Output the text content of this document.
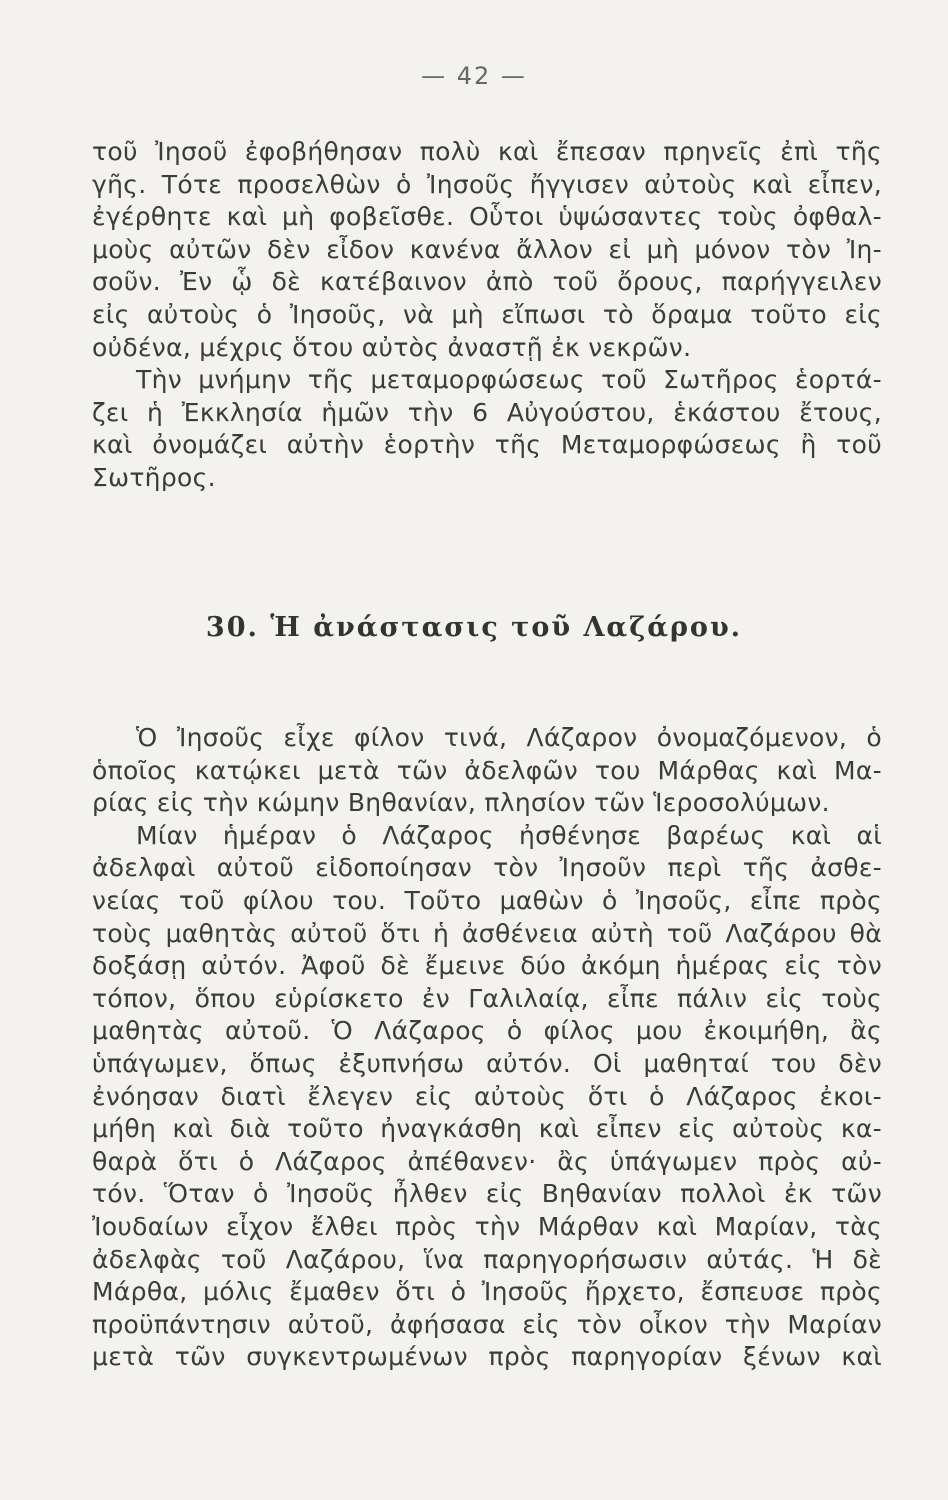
— 42 —
τοῦ Ἰησοῦ ἐφοβήθησαν πολὺ καὶ ἔπεσαν πρηνεῖς ἐπὶ τῆς
γῆς. Τότε προσελθὼν ὁ Ἰησοῦς ἤγγισεν αὐτοὺς καὶ εἶπεν,
ἐγέρθητε καὶ μὴ φοβεῖσθε. Οὗτοι ὑψώσαντες τοὺς ὀφθαλ-
μοὺς αὐτῶν δὲν εἶδον κανένα ἄλλον εἰ μὴ μόνον τὸν Ἰη-
σοῦν. Ἐν ᾧ δὲ κατέβαινον ἀπὸ τοῦ ὄρους, παρήγγειλεν
εἰς αὐτοὺς ὁ Ἰησοῦς, νὰ μὴ εἴπωσι τὸ ὅραμα τοῦτο εἰς
οὐδένα, μέχρις ὅτου αὐτὸς ἀναστῇ ἐκ νεκρῶν.
Τὴν μνήμην τῆς μεταμορφώσεως τοῦ Σωτῆρος ἑορτά-
ζει ἡ Ἐκκλησία ἡμῶν τὴν 6 Αὐγούστου, ἑκάστου ἔτους,
καὶ ὀνομάζει αὐτὴν ἑορτὴν τῆς Μεταμορφώσεως ἢ τοῦ
Σωτῆρος.
30. Ἡ ἀνάστασις τοῦ Λαζάρου.
Ὁ Ἰησοῦς εἶχε φίλον τινά, Λάζαρον ὀνομαζόμενον, ὁ
ὁποῖος κατῴκει μετὰ τῶν ἀδελφῶν του Μάρθας καὶ Μα-
ρίας εἰς τὴν κώμην Βηθανίαν, πλησίον τῶν Ἱεροσολύμων.
Μίαν ἡμέραν ὁ Λάζαρος ἠσθένησε βαρέως καὶ αἱ
ἀδελφαὶ αὐτοῦ εἰδοποίησαν τὸν Ἰησοῦν περὶ τῆς ἀσθε-
νείας τοῦ φίλου του. Τοῦτο μαθὼν ὁ Ἰησοῦς, εἶπε πρὸς
τοὺς μαθητὰς αὐτοῦ ὅτι ἡ ἀσθένεια αὐτὴ τοῦ Λαζάρου θὰ
δοξάσῃ αὐτόν. Ἀφοῦ δὲ ἔμεινε δύο ἀκόμη ἡμέρας εἰς τὸν
τόπον, ὅπου εὑρίσκετο ἐν Γαλιλαίᾳ, εἶπε πάλιν εἰς τοὺς
μαθητὰς αὐτοῦ. Ὁ Λάζαρος ὁ φίλος μου ἐκοιμήθη, ἂς
ὑπάγωμεν, ὅπως ἐξυπνήσω αὐτόν. Οἱ μαθηταί του δὲν
ἐνόησαν διατὶ ἔλεγεν εἰς αὐτοὺς ὅτι ὁ Λάζαρος ἐκοι-
μήθη καὶ διὰ τοῦτο ἠναγκάσθη καὶ εἶπεν εἰς αὐτοὺς κα-
θαρὰ ὅτι ὁ Λάζαρος ἀπέθανεν· ἂς ὑπάγωμεν πρὸς αὐ-
τόν. Ὅταν ὁ Ἰησοῦς ἦλθεν εἰς Βηθανίαν πολλοὶ ἐκ τῶν
Ἰουδαίων εἶχον ἔλθει πρὸς τὴν Μάρθαν καὶ Μαρίαν, τὰς
ἀδελφὰς τοῦ Λαζάρου, ἵνα παρηγορήσωσιν αὐτάς. Ἡ δὲ
Μάρθα, μόλις ἔμαθεν ὅτι ὁ Ἰησοῦς ἤρχετο, ἔσπευσε πρὸς
προϋπάντησιν αὐτοῦ, ἀφήσασα εἰς τὸν οἶκον τὴν Μαρίαν
μετὰ τῶν συγκεντρωμένων πρὸς παρηγορίαν ξένων καὶ
